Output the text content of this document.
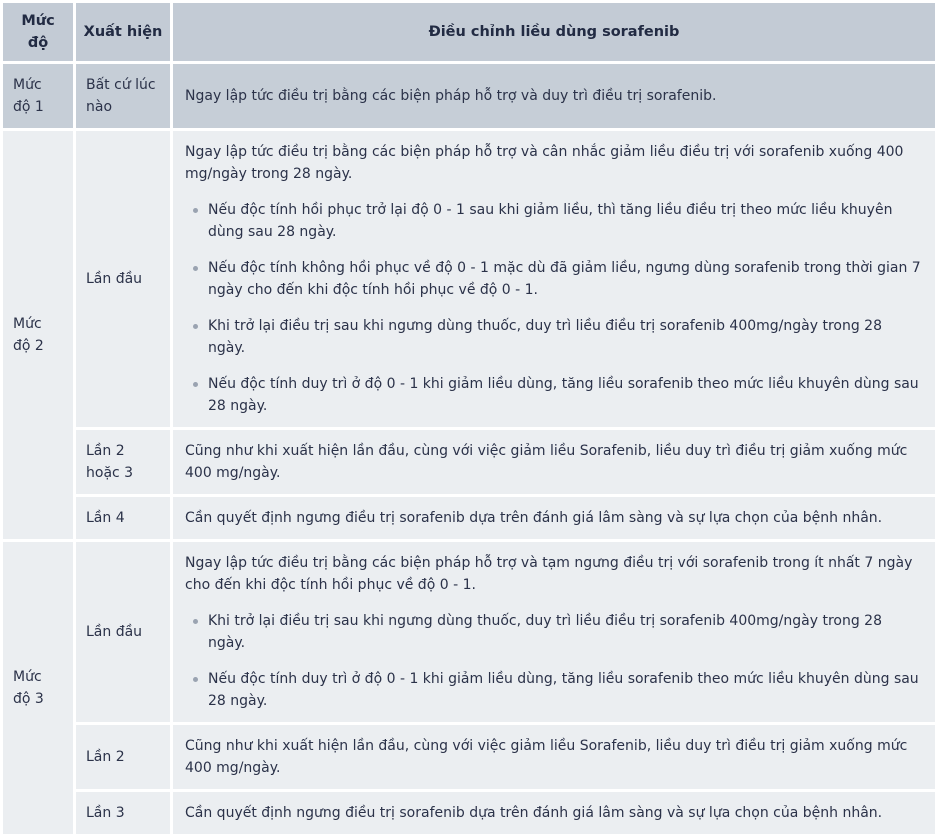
Mức độ	Xuất hiện	Điều chỉnh liều dùng sorafenib
Mức độ 1	Bất cứ lúc nào	Ngay lập tức điều trị bằng các biện pháp hỗ trợ và duy trì điều trị sorafenib.

Mức độ 2	Lần đầu	Ngay lập tức điều trị bằng các biện pháp hỗ trợ và cân nhắc giảm liều điều trị với sorafenib xuống 400 mg/ngày trong 28 ngày.

Nếu độc tính hồi phục trở lại độ 0 - 1 sau khi giảm liều, thì tăng liều điều trị theo mức liều khuyên dùng sau 28 ngày.
Nếu độc tính không hồi phục về độ 0 - 1 mặc dù đã giảm liều, ngưng dùng sorafenib trong thời gian 7 ngày cho đến khi độc tính hồi phục về độ 0 - 1.
Khi trở lại điều trị sau khi ngưng dùng thuốc, duy trì liều điều trị sorafenib 400mg/ngày trong 28 ngày.
Nếu độc tính duy trì ở độ 0 - 1 khi giảm liều dùng, tăng liều sorafenib theo mức liều khuyên dùng sau 28 ngày.

	Lần 2 hoặc 3	Cũng như khi xuất hiện lần đầu, cùng với việc giảm liều Sorafenib, liều duy trì điều trị giảm xuống mức 400 mg/ngày.

	Lần 4	Cần quyết định ngưng điều trị sorafenib dựa trên đánh giá lâm sàng và sự lựa chọn của bệnh nhân.

Mức độ 3	Lần đầu	Ngay lập tức điều trị bằng các biện pháp hỗ trợ và tạm ngưng điều trị với sorafenib trong ít nhất 7 ngày cho đến khi độc tính hồi phục về độ 0 - 1.

Khi trở lại điều trị sau khi ngưng dùng thuốc, duy trì liều điều trị sorafenib 400mg/ngày trong 28 ngày.
Nếu độc tính duy trì ở độ 0 - 1 khi giảm liều dùng, tăng liều sorafenib theo mức liều khuyên dùng sau 28 ngày.

	Lần 2	Cũng như khi xuất hiện lần đầu, cùng với việc giảm liều Sorafenib, liều duy trì điều trị giảm xuống mức 400 mg/ngày.

	Lần 3	Cần quyết định ngưng điều trị sorafenib dựa trên đánh giá lâm sàng và sự lựa chọn của bệnh nhân.
